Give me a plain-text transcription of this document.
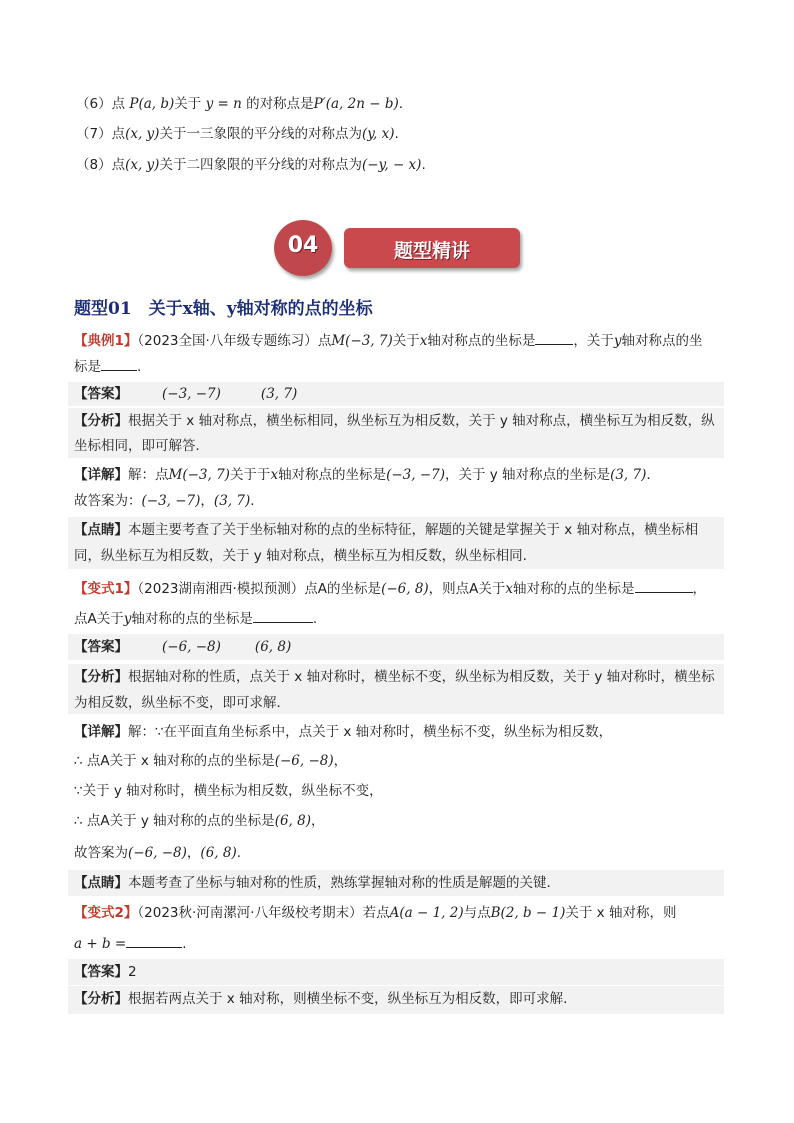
（6）点 P(a, b)关于 y = n 的对称点是P′(a, 2n − b).
（7）点(x, y)关于一三象限的平分线的对称点为(y, x).
（8）点(x, y)关于二四象限的平分线的对称点为(−y, − x).
04	题型精讲
题型01　关于x轴、y轴对称的点的坐标
【典例1】（2023全国·八年级专题练习）点M(−3, 7)关于x轴对称点的坐标是	，关于y轴对称点的坐
标是	.
【答案】	(−3, −7)	(3, 7)
【分析】根据关于 x 轴对称点，横坐标相同，纵坐标互为相反数，关于 y 轴对称点，横坐标互为相反数，纵
坐标相同，即可解答．
【详解】解：点M(−3, 7)关于于x轴对称点的坐标是(−3, −7)，关于 y 轴对称点的坐标是(3, 7).
故答案为：(−3, −7)，(3, 7).
【点睛】本题主要考查了关于坐标轴对称的点的坐标特征，解题的关键是掌握关于 x 轴对称点，横坐标相
同，纵坐标互为相反数，关于 y 轴对称点，横坐标互为相反数，纵坐标相同.
【变式1】（2023湖南湘西·模拟预测）点A的坐标是(−6, 8)，则点A关于x轴对称的点的坐标是	，
点A关于y轴对称的点的坐标是	.
【答案】	(−6, −8)	(6, 8)
【分析】根据轴对称的性质，点关于 x 轴对称时，横坐标不变，纵坐标为相反数，关于 y 轴对称时，横坐标
为相反数，纵坐标不变，即可求解．
【详解】解：∵在平面直角坐标系中，点关于 x 轴对称时，横坐标不变，纵坐标为相反数，
∴ 点A关于 x 轴对称的点的坐标是(−6, −8)，
∵关于 y 轴对称时，横坐标为相反数，纵坐标不变，
∴ 点A关于 y 轴对称的点的坐标是(6, 8)，
故答案为(−6, −8)，(6, 8).
【点睛】本题考查了坐标与轴对称的性质，熟练掌握轴对称的性质是解题的关键.
【变式2】（2023秋·河南漯河·八年级校考期末）若点A(a − 1, 2)与点B(2, b − 1)关于 x 轴对称，则
a + b =	.
【答案】2
【分析】根据若两点关于 x 轴对称，则横坐标不变，纵坐标互为相反数，即可求解.
